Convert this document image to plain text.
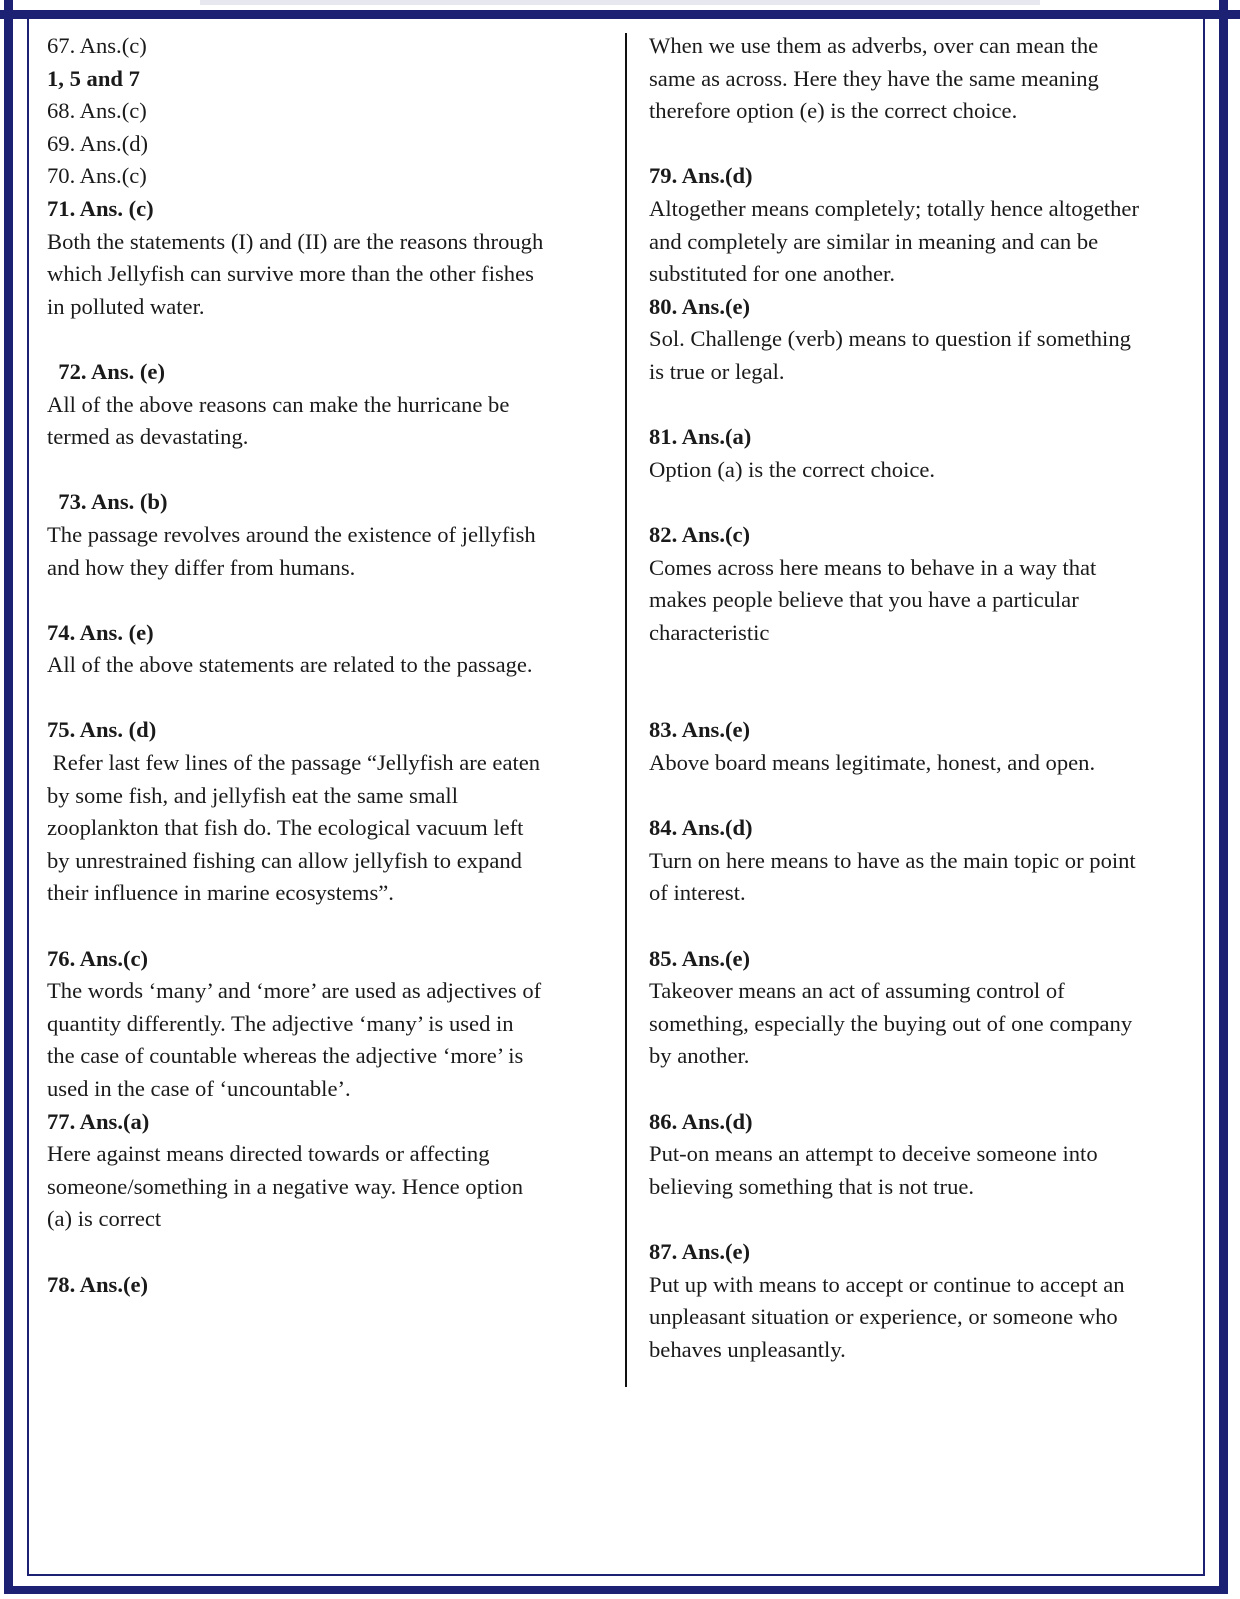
67. Ans.(c)
1, 5 and 7
68. Ans.(c)
69. Ans.(d)
70. Ans.(c)
71. Ans. (c)
Both the statements (I) and (II) are the reasons through
which Jellyfish can survive more than the other fishes
in polluted water.
72. Ans. (e)
All of the above reasons can make the hurricane be
termed as devastating.
73. Ans. (b)
The passage revolves around the existence of jellyfish
and how they differ from humans.
74. Ans. (e)
All of the above statements are related to the passage.
75. Ans. (d)
Refer last few lines of the passage “Jellyfish are eaten
by some fish, and jellyfish eat the same small
zooplankton that fish do. The ecological vacuum left
by unrestrained fishing can allow jellyfish to expand
their influence in marine ecosystems”.
76. Ans.(c)
The words ‘many’ and ‘more’ are used as adjectives of
quantity differently. The adjective ‘many’ is used in
the case of countable whereas the adjective ‘more’ is
used in the case of ‘uncountable’.
77. Ans.(a)
Here against means directed towards or affecting
someone/something in a negative way. Hence option
(a) is correct
78. Ans.(e)
When we use them as adverbs, over can mean the
same as across. Here they have the same meaning
therefore option (e) is the correct choice.
79. Ans.(d)
Altogether means completely; totally hence altogether
and completely are similar in meaning and can be
substituted for one another.
80. Ans.(e)
Sol. Challenge (verb) means to question if something
is true or legal.
81. Ans.(a)
Option (a) is the correct choice.
82. Ans.(c)
Comes across here means to behave in a way that
makes people believe that you have a particular
characteristic
83. Ans.(e)
Above board means legitimate, honest, and open.
84. Ans.(d)
Turn on here means to have as the main topic or point
of interest.
85. Ans.(e)
Takeover means an act of assuming control of
something, especially the buying out of one company
by another.
86. Ans.(d)
Put-on means an attempt to deceive someone into
believing something that is not true.
87. Ans.(e)
Put up with means to accept or continue to accept an
unpleasant situation or experience, or someone who
behaves unpleasantly.
